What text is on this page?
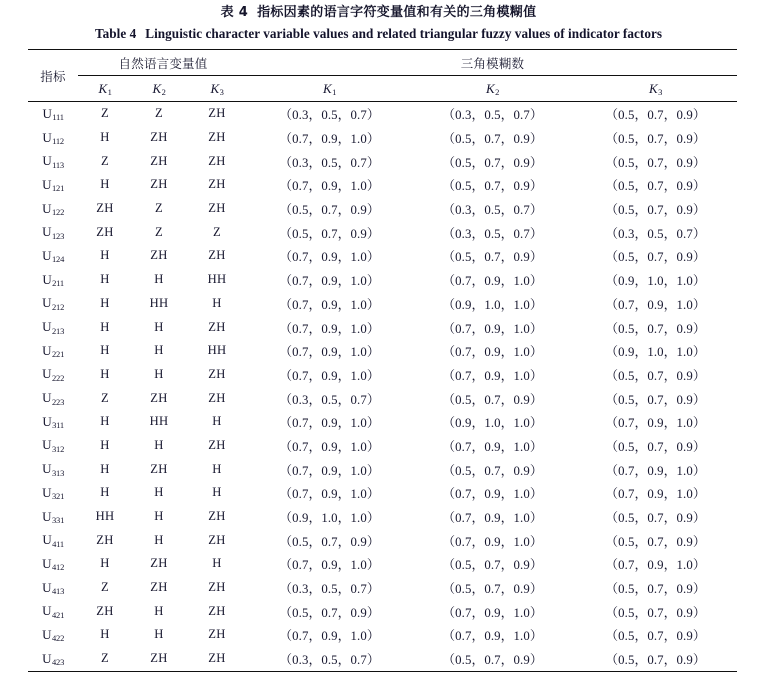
表 4 指标因素的语言字符变量值和有关的三角模糊值
Table 4 Linguistic character variable values and related triangular fuzzy values of indicator factors

指标	自然语言变量值			三角模糊数		
	$K_1$	$K_2$	$K_3$	$K_1$	$K_2$	$K_3$

$U_{111}$	Z	Z	ZH	（0.3，0.5，0.7）	（0.3，0.5，0.7）	（0.5，0.7，0.9）
$U_{112}$	H	ZH	ZH	（0.7，0.9，1.0）	（0.5，0.7，0.9）	（0.5，0.7，0.9）
$U_{113}$	Z	ZH	ZH	（0.3，0.5，0.7）	（0.5，0.7，0.9）	（0.5，0.7，0.9）
$U_{121}$	H	ZH	ZH	（0.7，0.9，1.0）	（0.5，0.7，0.9）	（0.5，0.7，0.9）
$U_{122}$	ZH	Z	ZH	（0.5，0.7，0.9）	（0.3，0.5，0.7）	（0.5，0.7，0.9）
$U_{123}$	ZH	Z	Z	（0.5，0.7，0.9）	（0.3，0.5，0.7）	（0.3，0.5，0.7）
$U_{124}$	H	ZH	ZH	（0.7，0.9，1.0）	（0.5，0.7，0.9）	（0.5，0.7，0.9）
$U_{211}$	H	H	HH	（0.7，0.9，1.0）	（0.7，0.9，1.0）	（0.9，1.0，1.0）
$U_{212}$	H	HH	H	（0.7，0.9，1.0）	（0.9，1.0，1.0）	（0.7，0.9，1.0）
$U_{213}$	H	H	ZH	（0.7，0.9，1.0）	（0.7，0.9，1.0）	（0.5，0.7，0.9）
$U_{221}$	H	H	HH	（0.7，0.9，1.0）	（0.7，0.9，1.0）	（0.9，1.0，1.0）
$U_{222}$	H	H	ZH	（0.7，0.9，1.0）	（0.7，0.9，1.0）	（0.5，0.7，0.9）
$U_{223}$	Z	ZH	ZH	（0.3，0.5，0.7）	（0.5，0.7，0.9）	（0.5，0.7，0.9）
$U_{311}$	H	HH	H	（0.7，0.9，1.0）	（0.9，1.0，1.0）	（0.7，0.9，1.0）
$U_{312}$	H	H	ZH	（0.7，0.9，1.0）	（0.7，0.9，1.0）	（0.5，0.7，0.9）
$U_{313}$	H	ZH	H	（0.7，0.9，1.0）	（0.5，0.7，0.9）	（0.7，0.9，1.0）
$U_{321}$	H	H	H	（0.7，0.9，1.0）	（0.7，0.9，1.0）	（0.7，0.9，1.0）
$U_{331}$	HH	H	ZH	（0.9，1.0，1.0）	（0.7，0.9，1.0）	（0.5，0.7，0.9）
$U_{411}$	ZH	H	ZH	（0.5，0.7，0.9）	（0.7，0.9，1.0）	（0.5，0.7，0.9）
$U_{412}$	H	ZH	H	（0.7，0.9，1.0）	（0.5，0.7，0.9）	（0.7，0.9，1.0）
$U_{413}$	Z	ZH	ZH	（0.3，0.5，0.7）	（0.5，0.7，0.9）	（0.5，0.7，0.9）
$U_{421}$	ZH	H	ZH	（0.5，0.7，0.9）	（0.7，0.9，1.0）	（0.5，0.7，0.9）
$U_{422}$	H	H	ZH	（0.7，0.9，1.0）	（0.7，0.9，1.0）	（0.5，0.7，0.9）
$U_{423}$	Z	ZH	ZH	（0.3，0.5，0.7）	（0.5，0.7，0.9）	（0.5，0.7，0.9）
